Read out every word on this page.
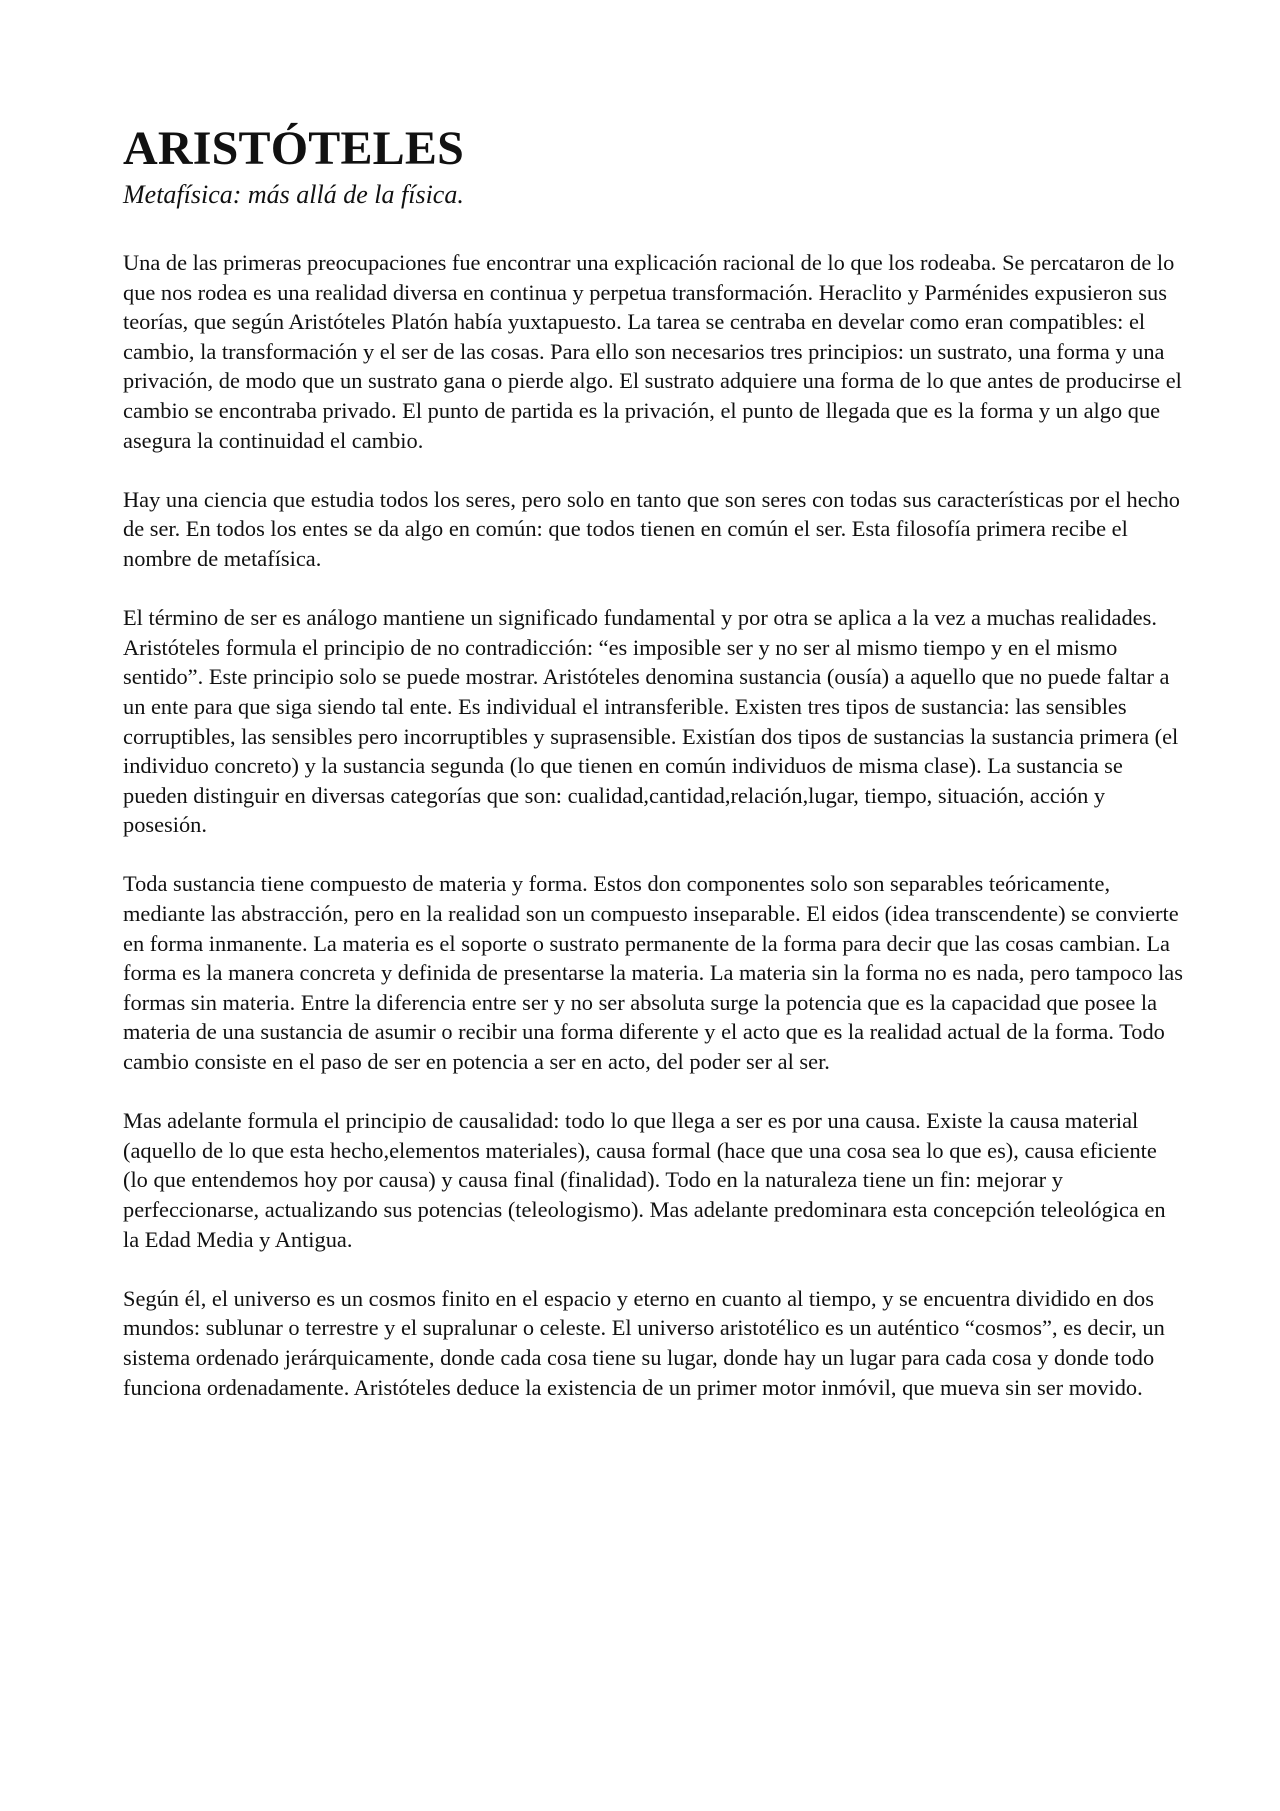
ARISTÓTELES

Metafísica: más allá de la física.

Una de las primeras preocupaciones fue encontrar una explicación racional de lo que los rodeaba. Se percataron de lo que nos rodea es una realidad diversa en continua y perpetua transformación. Heraclito y Parménides expusieron sus teorías, que según Aristóteles Platón había yuxtapuesto. La tarea se centraba en develar como eran compatibles: el cambio, la transformación y el ser de las cosas. Para ello son necesarios tres principios: un sustrato, una forma y una privación, de modo que un sustrato gana o pierde algo. El sustrato adquiere una forma de lo que antes de producirse el cambio se encontraba privado. El punto de partida es la privación, el punto de llegada que es la forma y un algo que asegura la continuidad el cambio.

Hay una ciencia que estudia todos los seres, pero solo en tanto que son seres con todas sus características por el hecho de ser. En todos los entes se da algo en común: que todos tienen en común el ser. Esta filosofía primera recibe el nombre de metafísica.

El término de ser es análogo mantiene un significado fundamental y por otra se aplica a la vez a muchas realidades. Aristóteles formula el principio de no contradicción: “es imposible ser y no ser al mismo tiempo y en el mismo sentido”. Este principio solo se puede mostrar. Aristóteles denomina sustancia (ousía) a aquello que no puede faltar a un ente para que siga siendo tal ente. Es individual el intransferible. Existen tres tipos de sustancia: las sensibles corruptibles, las sensibles pero incorruptibles y suprasensible. Existían dos tipos de sustancias la sustancia primera (el individuo concreto) y la sustancia segunda (lo que tienen en común individuos de misma clase). La sustancia se pueden distinguir en diversas categorías que son: cualidad,cantidad,relación,lugar, tiempo, situación, acción y posesión.

Toda sustancia tiene compuesto de materia y forma. Estos don componentes solo son separables teóricamente, mediante las abstracción, pero en la realidad son un compuesto inseparable. El eidos (idea transcendente) se convierte en forma inmanente. La materia es el soporte o sustrato permanente de la forma para decir que las cosas cambian. La forma es la manera concreta y definida de presentarse la materia. La materia sin la forma no es nada, pero tampoco las formas sin materia. Entre la diferencia entre ser y no ser absoluta surge la potencia que es la capacidad que posee la materia de una sustancia de asumir o recibir una forma diferente y el acto que es la realidad actual de la forma. Todo cambio consiste en el paso de ser en potencia a ser en acto, del poder ser al ser.

Mas adelante formula el principio de causalidad: todo lo que llega a ser es por una causa. Existe la causa material (aquello de lo que esta hecho,elementos materiales), causa formal (hace que una cosa sea lo que es), causa eficiente (lo que entendemos hoy por causa) y causa final (finalidad). Todo en la naturaleza tiene un fin: mejorar y perfeccionarse, actualizando sus potencias (teleologismo). Mas adelante predominara esta concepción teleológica en la Edad Media y Antigua.

Según él, el universo es un cosmos finito en el espacio y eterno en cuanto al tiempo, y se encuentra dividido en dos mundos: sublunar o terrestre y el supralunar o celeste. El universo aristotélico es un auténtico “cosmos”, es decir, un sistema ordenado jerárquicamente, donde cada cosa tiene su lugar, donde hay un lugar para cada cosa y donde todo funciona ordenadamente. Aristóteles deduce la existencia de un primer motor inmóvil, que mueva sin ser movido.
